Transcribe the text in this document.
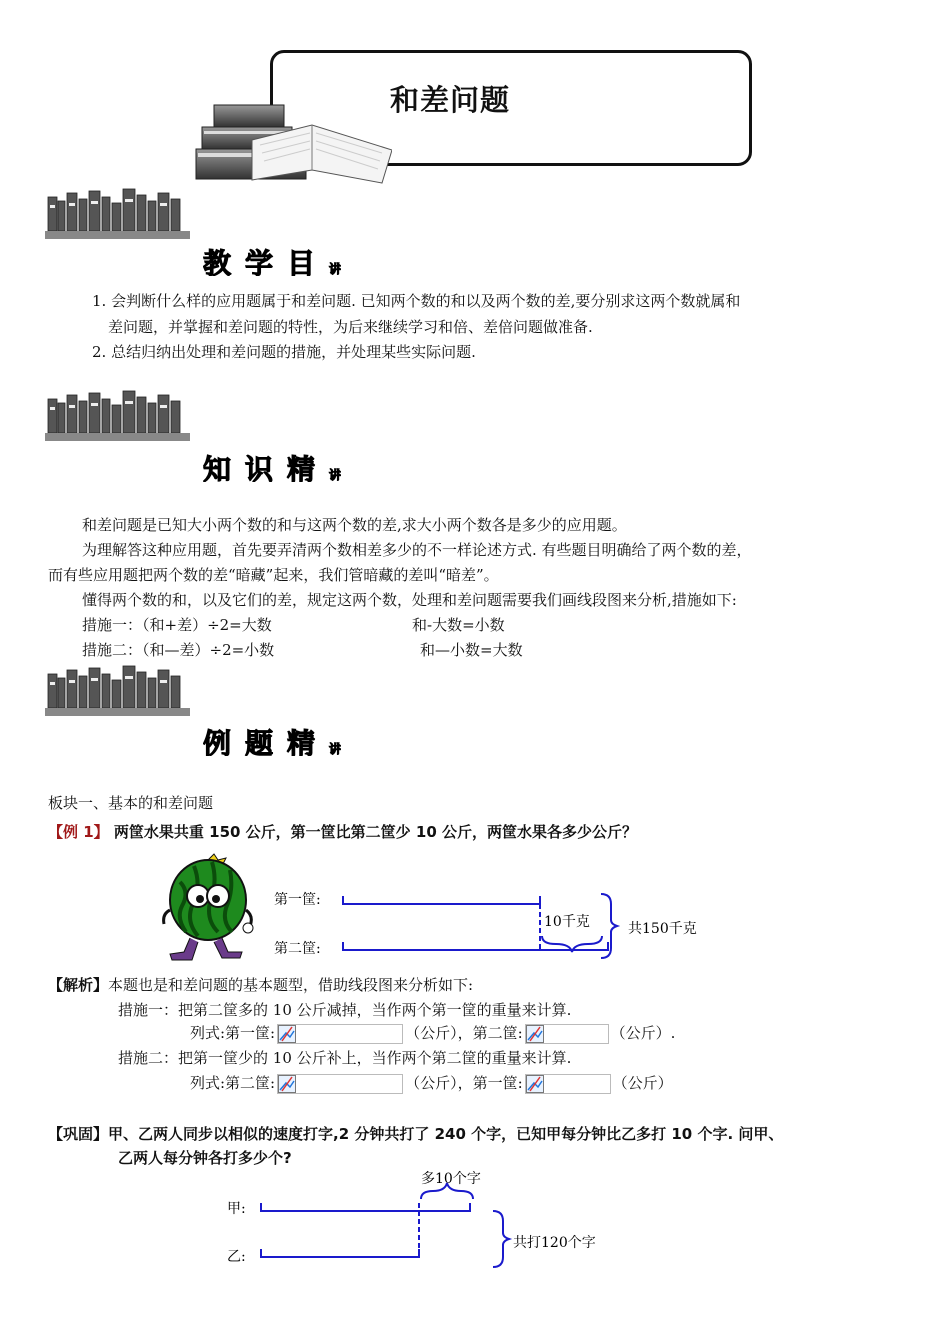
和差问题
教学目讲
1. 会判断什么样的应用题属于和差问题. 已知两个数的和以及两个数的差,要分别求这两个数就属和
差问题，并掌握和差问题的特性，为后来继续学习和倍、差倍问题做准备.
2. 总结归纳出处理和差问题的措施，并处理某些实际问题.
知识精讲
和差问题是已知大小两个数的和与这两个数的差,求大小两个数各是多少的应用题。
为理解答这种应用题，首先要弄清两个数相差多少的不一样论述方式. 有些题目明确给了两个数的差，
而有些应用题把两个数的差“暗藏”起来，我们管暗藏的差叫“暗差”。
懂得两个数的和，以及它们的差，规定这两个数，处理和差问题需要我们画线段图来分析,措施如下:
措施一：（和+差）÷2=大数	和-大数=小数
措施二：（和—差）÷2=小数	和—小数=大数
例题精讲
板块一、基本的和差问题
【例 1】 两筐水果共重 150 公斤，第一筐比第二筐少 10 公斤，两筐水果各多少公斤？
第一筐:
第二筐:
10千克	共150千克
【解析】本题也是和差问题的基本题型，借助线段图来分析如下:
措施一：把第二筐多的 10 公斤减掉，当作两个第一筐的重量来计算.
列式:第一筐:	（公斤），第二筐:	（公斤）.
措施二：把第一筐少的 10 公斤补上，当作两个第二筐的重量来计算.
列式:第二筐:	（公斤），第一筐:	（公斤）
【巩固】甲、乙两人同步以相似的速度打字,2 分钟共打了 240 个字，已知甲每分钟比乙多打 10 个字. 问甲、
乙两人每分钟各打多少个?
多10个字
甲:
乙:
共打120个字
